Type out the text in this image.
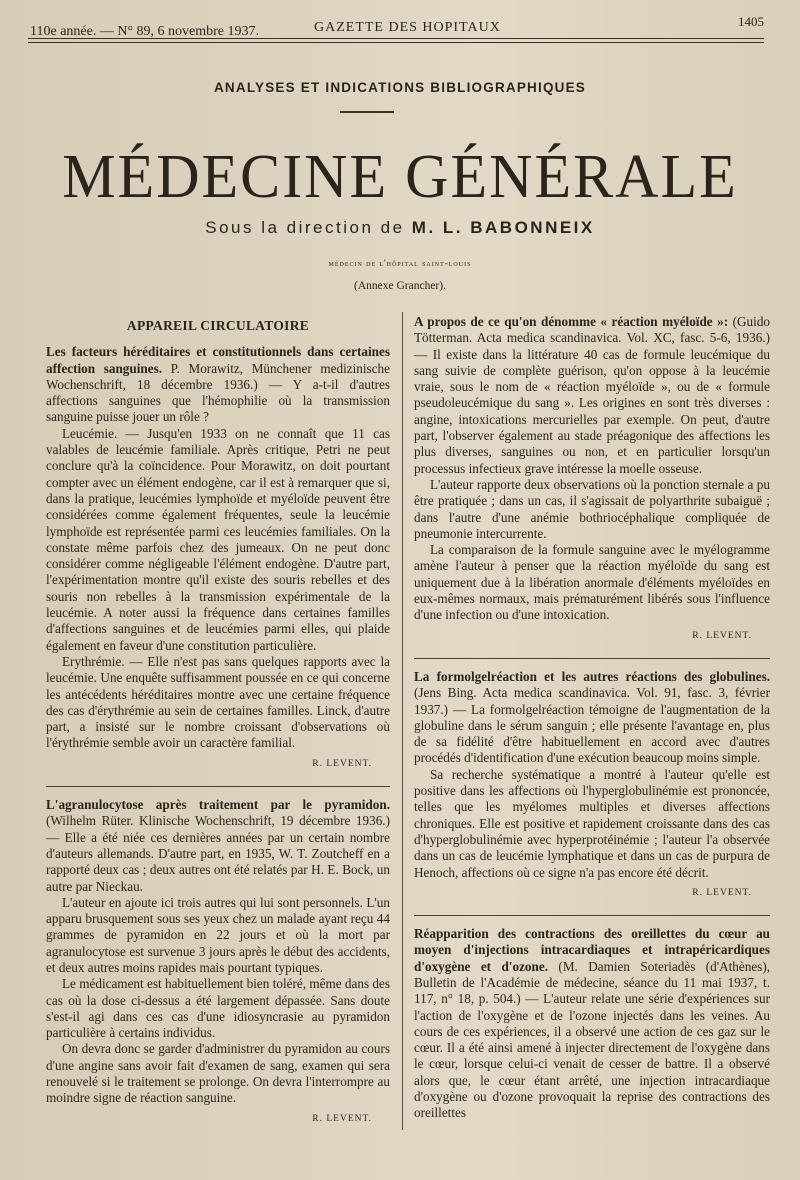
110e année. — N° 89, 6 novembre 1937.	GAZETTE DES HOPITAUX	1405
ANALYSES ET INDICATIONS BIBLIOGRAPHIQUES
MÉDECINE GÉNÉRALE
Sous la direction de M. L. BABONNEIX
médecin de l'hôpital saint-louis
(Annexe Grancher).
APPAREIL CIRCULATOIRE

Les facteurs héréditaires et constitutionnels dans certaines affection sanguines. P. Morawitz, Münchener medizinische Wochenschrift, 18 décembre 1936.) — Y a-t-il d'autres affections sanguines que l'hémophilie où la transmission sanguine puisse jouer un rôle ?

Leucémie. — Jusqu'en 1933 on ne connaît que 11 cas valables de leucémie familiale. Après critique, Petri ne peut conclure qu'à la coïncidence. Pour Morawitz, on doit pourtant compter avec un élément endogène, car il est à remarquer que si, dans la pratique, leucémies lymphoïde et myéloïde peuvent être considérées comme également fréquentes, seule la leucémie lymphoïde est représentée parmi ces leucémies familiales. On la constate même parfois chez des jumeaux. On ne peut donc considérer comme négligeable l'élément endogène. D'autre part, l'expérimentation montre qu'il existe des souris rebelles et des souris non rebelles à la transmission expérimentale de la leucémie. A noter aussi la fréquence dans certaines familles d'affections sanguines et de leucémies parmi elles, qui plaide également en faveur d'une constitution particulière.

Erythrémie. — Elle n'est pas sans quelques rapports avec la leucémie. Une enquête suffisamment poussée en ce qui concerne les antécédents héréditaires montre avec une certaine fréquence des cas d'érythrémie au sein de certaines familles. Linck, d'autre part, a insisté sur le nombre croissant d'observations où l'érythrémie semble avoir un caractère familial.

R. LEVENT.

L'agranulocytose après traitement par le pyramidon. (Wilhelm Rüter. Klinische Wochenschrift, 19 décembre 1936.) — Elle a été niée ces dernières années par un certain nombre d'auteurs allemands. D'autre part, en 1935, W. T. Zoutcheff en a rapporté deux cas ; deux autres ont été relatés par H. E. Bock, un autre par Nieckau.

L'auteur en ajoute ici trois autres qui lui sont personnels. L'un apparu brusquement sous ses yeux chez un malade ayant reçu 44 grammes de pyramidon en 22 jours et où la mort par agranulocytose est survenue 3 jours après le début des accidents, et deux autres moins rapides mais pourtant typiques.

Le médicament est habituellement bien toléré, même dans des cas où la dose ci-dessus a été largement dépassée. Sans doute s'est-il agi dans ces cas d'une idiosyncrasie au pyramidon particulière à certains individus.

On devra donc se garder d'administrer du pyramidon au cours d'une angine sans avoir fait d'examen de sang, examen qui sera renouvelé si le traitement se prolonge. On devra l'interrompre au moindre signe de réaction sanguine.

R. LEVENT.

A propos de ce qu'on dénomme « réaction myéloïde »: (Guido Tötterman. Acta medica scandinavica. Vol. XC, fasc. 5-6, 1936.) — Il existe dans la littérature 40 cas de formule leucémique du sang suivie de complète guérison, qu'on oppose à la leucémie vraie, sous le nom de « réaction myéloïde », ou de « formule pseudoleucémique du sang ». Les origines en sont très diverses : angine, intoxications mercurielles par exemple. On peut, d'autre part, l'observer également au stade préagonique des affections les plus diverses, sanguines ou non, et en particulier lorsqu'un processus infectieux grave intéresse la moelle osseuse.

L'auteur rapporte deux observations où la ponction sternale a pu être pratiquée ; dans un cas, il s'agissait de polyarthrite subaiguë ; dans l'autre d'une anémie bothriocéphalique compliquée de pneumonie intercurrente.

La comparaison de la formule sanguine avec le myélogramme amène l'auteur à penser que la réaction myéloïde du sang est uniquement due à la libération anormale d'éléments myéloïdes en eux-mêmes normaux, mais prématurément libérés sous l'influence d'une infection ou d'une intoxication.

R. LEVENT.

La formolgelréaction et les autres réactions des globulines. (Jens Bing. Acta medica scandinavica. Vol. 91, fasc. 3, février 1937.) — La formolgelréaction témoigne de l'augmentation de la globuline dans le sérum sanguin ; elle présente l'avantage en, plus de sa fidélité d'être habituellement en accord avec d'autres procédés d'identification d'une exécution beaucoup moins simple.

Sa recherche systématique a montré à l'auteur qu'elle est positive dans les affections où l'hyperglobulinémie est prononcée, telles que les myélomes multiples et diverses affections chroniques. Elle est positive et rapidement croissante dans des cas d'hyperglobulinémie avec hyperprotéinémie ; l'auteur l'a observée dans un cas de leucémie lymphatique et dans un cas de purpura de Henoch, affections où ce signe n'a pas encore été décrit.

R. LEVENT.

Réapparition des contractions des oreillettes du cœur au moyen d'injections intracardiaques et intrapéricardiques d'oxygène et d'ozone. (M. Damien Soteriadès (d'Athènes), Bulletin de l'Académie de médecine, séance du 11 mai 1937, t. 117, n° 18, p. 504.) — L'auteur relate une série d'expériences sur l'action de l'oxygène et de l'ozone injectés dans les veines. Au cours de ces expériences, il a observé une action de ces gaz sur le cœur. Il a été ainsi amené à injecter directement de l'oxygène dans le cœur, lorsque celui-ci venait de cesser de battre. Il a observé alors que, le cœur étant arrêté, une injection intracardiaque d'oxygène ou d'ozone provoquait la reprise des contractions des oreillettes
